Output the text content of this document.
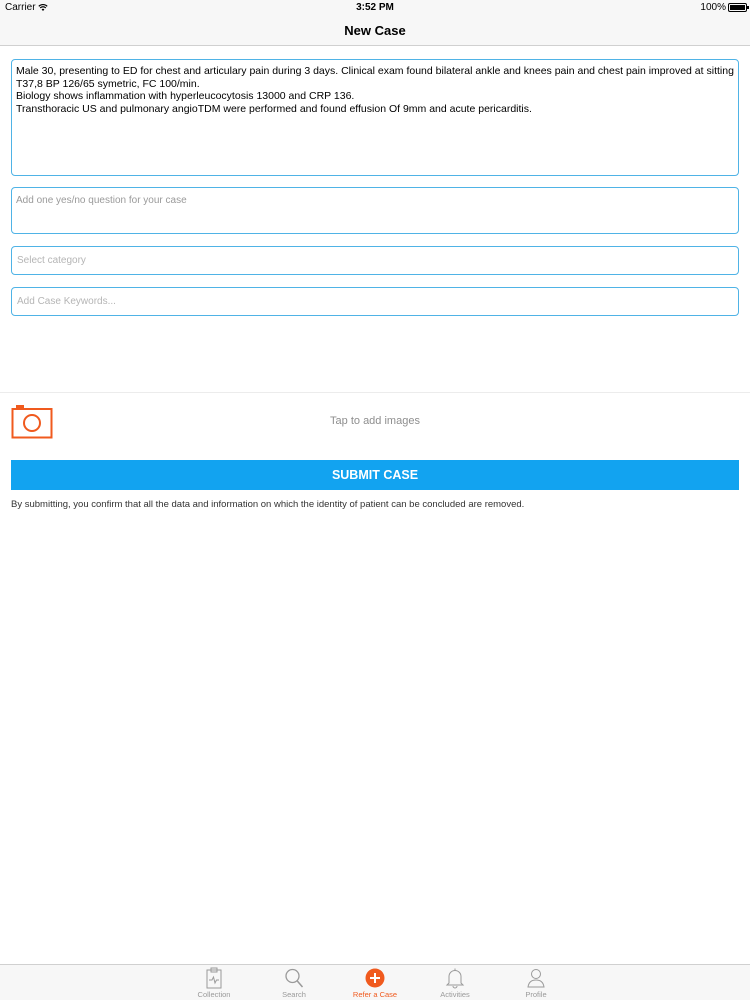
Carrier	3:52 PM	100%
New Case
Male 30, presenting to ED for chest and articulary pain during 3 days. Clinical exam found bilateral ankle and knees pain and chest pain improved at sitting
T37,8 BP 126/65 symetric, FC 100/min.
Biology shows inflammation with hyperleucocytosis 13000 and CRP 136.
Transthoracic US and pulmonary angioTDM were performed and found effusion Of 9mm and acute pericarditis.
Add one yes/no question for your case
Select category
Add Case Keywords...
Tap to add images
SUBMIT CASE
By submitting, you confirm that all the data and information on which the identity of patient can be concluded are removed.
Collection	Search	Refer a Case	Activities	Profile
